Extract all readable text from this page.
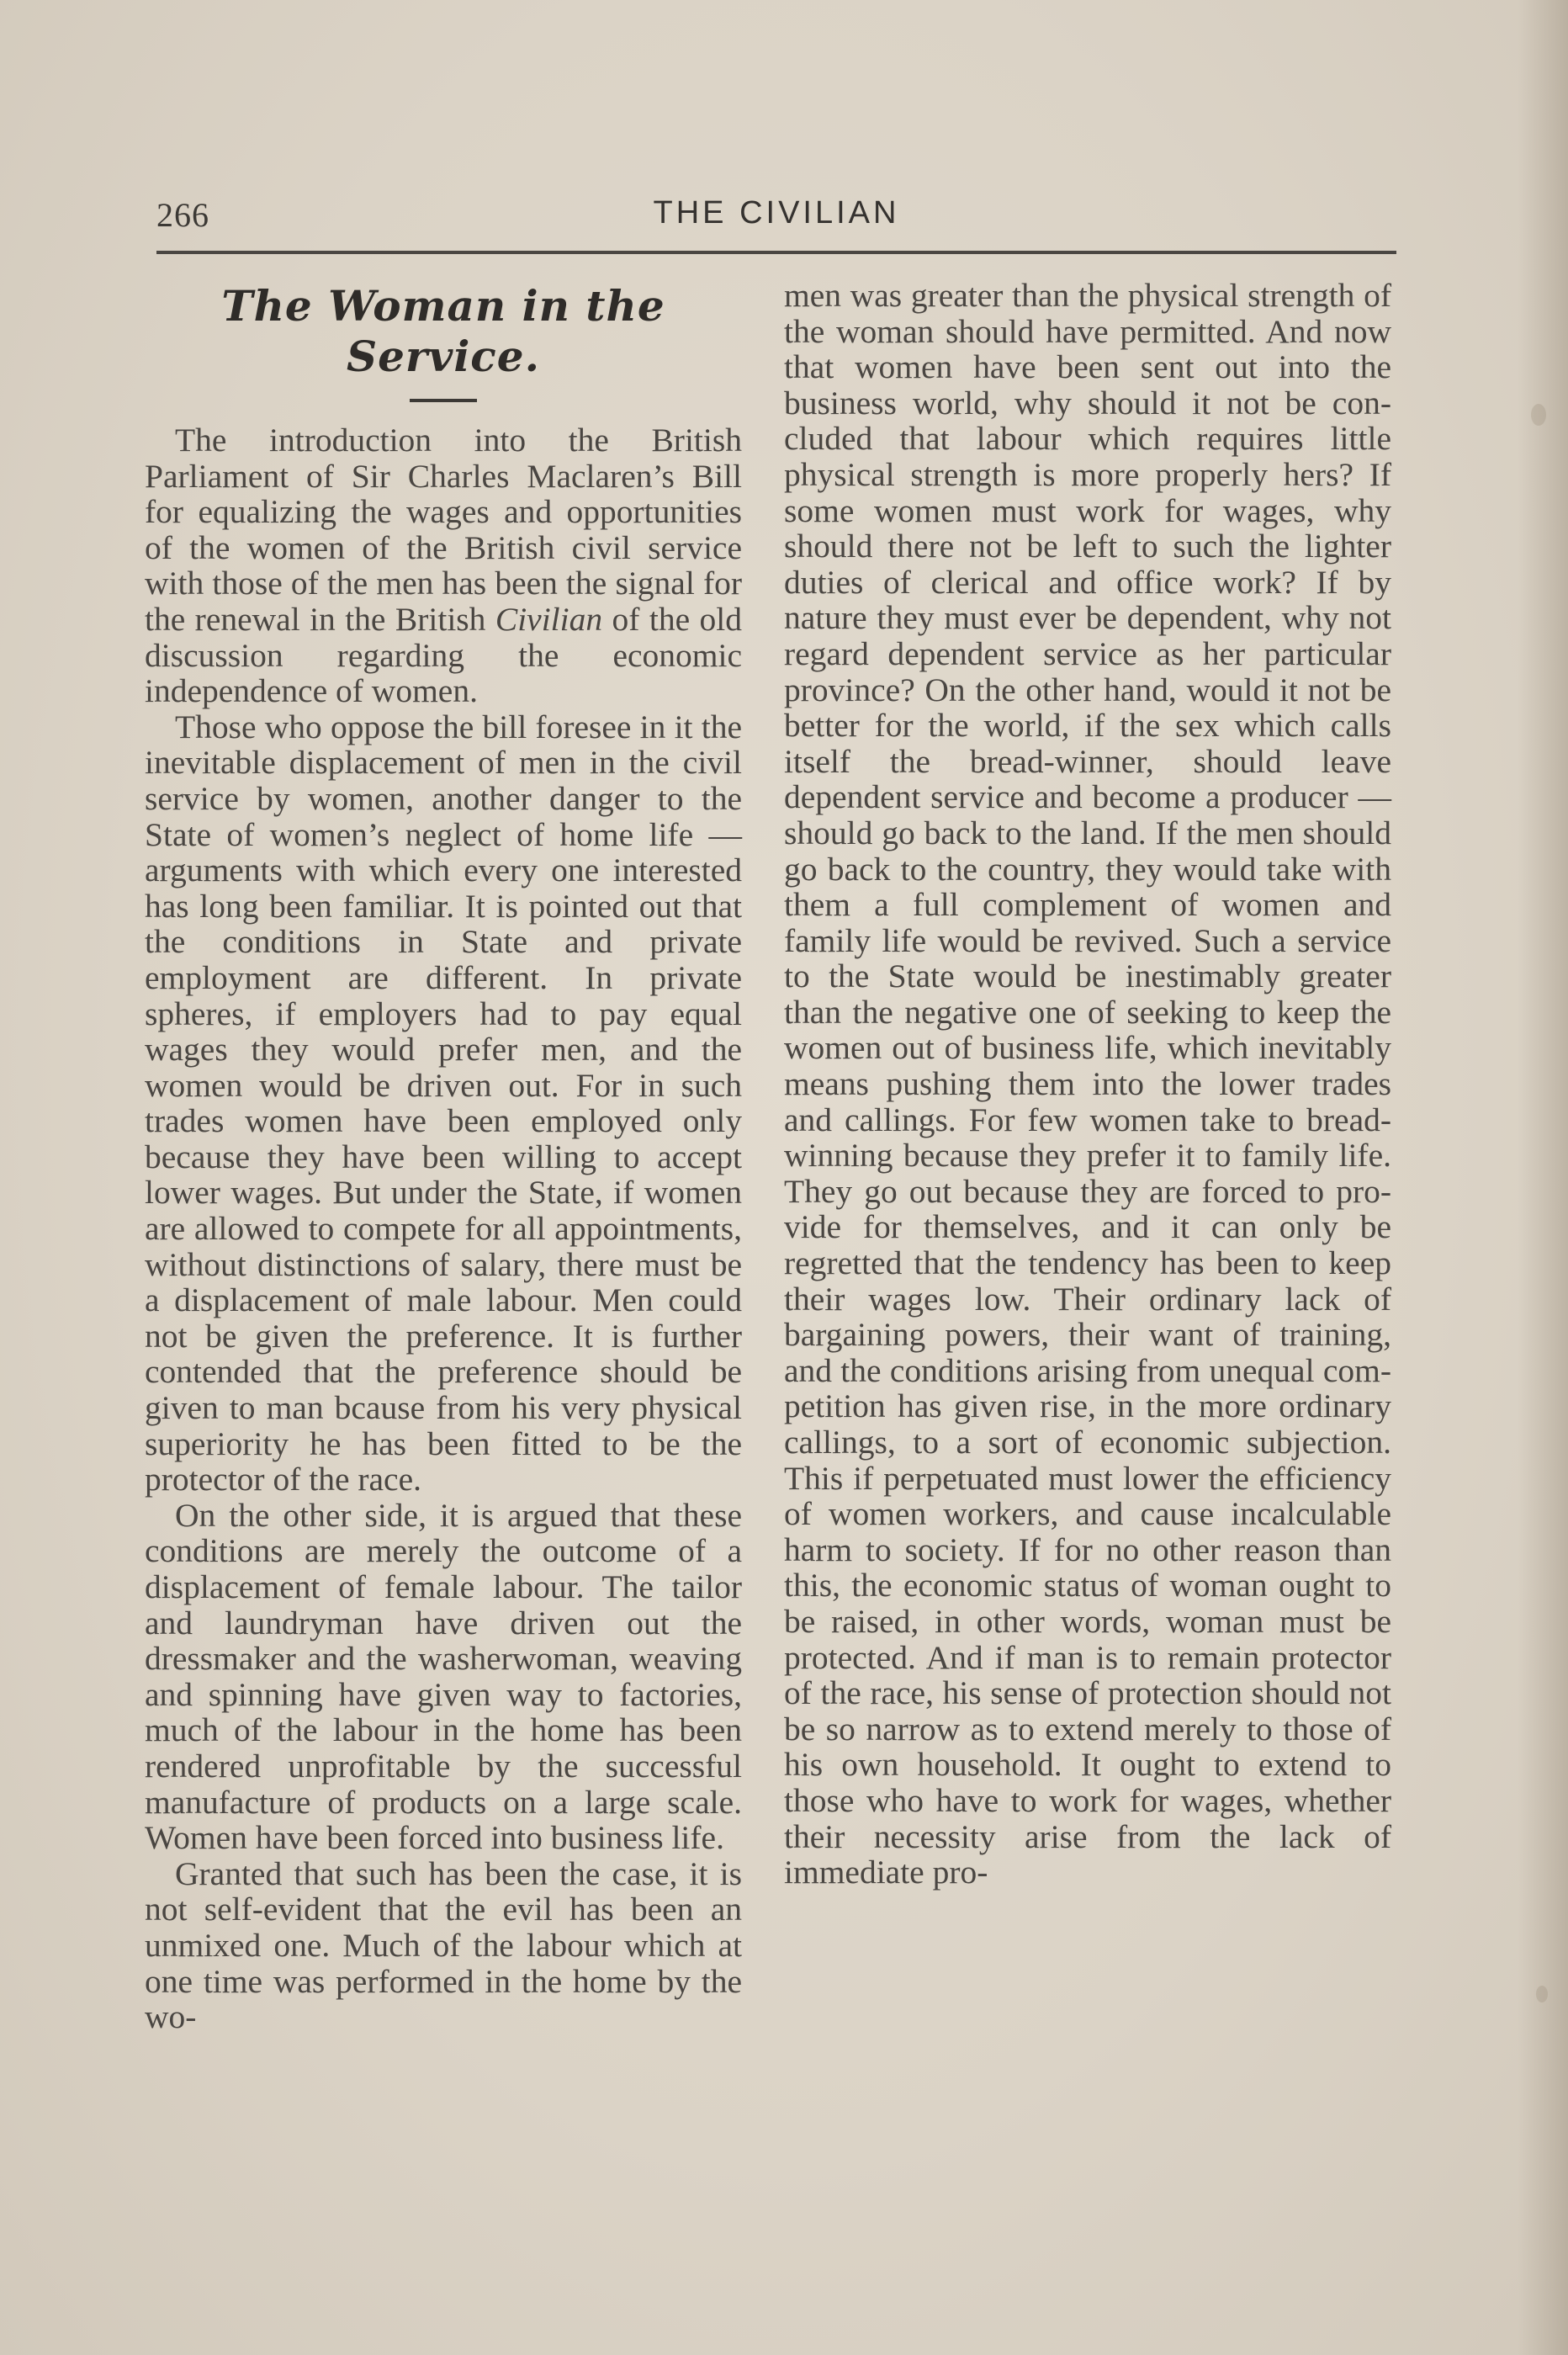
THE CIVILIAN
266
The Woman in the Service.

The introduction into the British Parliament of Sir Charles Maclaren’s Bill for equalizing the wages and opportunities of the women of the British civil service with those of the men has been the signal for the renewal in the British Civilian of the old discussion regarding the economic independence of women.

Those who oppose the bill foresee in it the inevitable displacement of men in the civil service by women, another danger to the State of women’s neglect of home life — arguments with which every one interested has long been familiar. It is pointed out that the conditions in State and private employment are different. In private spheres, if employers had to pay equal wages they would prefer men, and the women would be driven out. For in such trades women have been employed only because they have been willing to accept lower wages. But under the State, if women are allowed to compete for all appointments, without distinctions of salary, there must be a displacement of male labour. Men could not be given the preference. It is further contended that the preference should be given to man bcause from his very physical superiority he has been fitted to be the protector of the race.

On the other side, it is argued that these conditions are merely the outcome of a displacement of female labour. The tailor and laundryman have driven out the dressmaker and the washerwoman, weaving and spinning have given way to factories, much of the labour in the home has been rendered unprofitable by the successful manufacture of products on a large scale. Women have been forced into business life.

Granted that such has been the case, it is not self-evident that the evil has been an unmixed one. Much of the labour which at one time was performed in the home by the wo-

men was greater than the physical strength of the woman should have permitted. And now that women have been sent out into the business world, why should it not be concluded that labour which requires little physical strength is more properly hers? If some women must work for wages, why should there not be left to such the lighter duties of clerical and office work? If by nature they must ever be dependent, why not regard dependent service as her particular province? On the other hand, would it not be better for the world, if the sex which calls itself the bread-winner, should leave dependent service and become a producer — should go back to the land. If the men should go back to the country, they would take with them a full complement of women and family life would be revived. Such a service to the State would be inestimably greater than the negative one of seeking to keep the women out of business life, which inevitably means pushing them into the lower trades and callings. For few women take to bread-winning because they prefer it to family life. They go out because they are forced to provide for themselves, and it can only be regretted that the tendency has been to keep their wages low. Their ordinary lack of bargaining powers, their want of training, and the conditions arising from unequal competition has given rise, in the more ordinary callings, to a sort of economic subjection. This if perpetuated must lower the efficiency of women workers, and cause incalculable harm to society. If for no other reason than this, the economic status of woman ought to be raised, in other words, woman must be protected. And if man is to remain protector of the race, his sense of protection should not be so narrow as to extend merely to those of his own household. It ought to extend to those who have to work for wages, whether their necessity arise from the lack of immediate pro-
